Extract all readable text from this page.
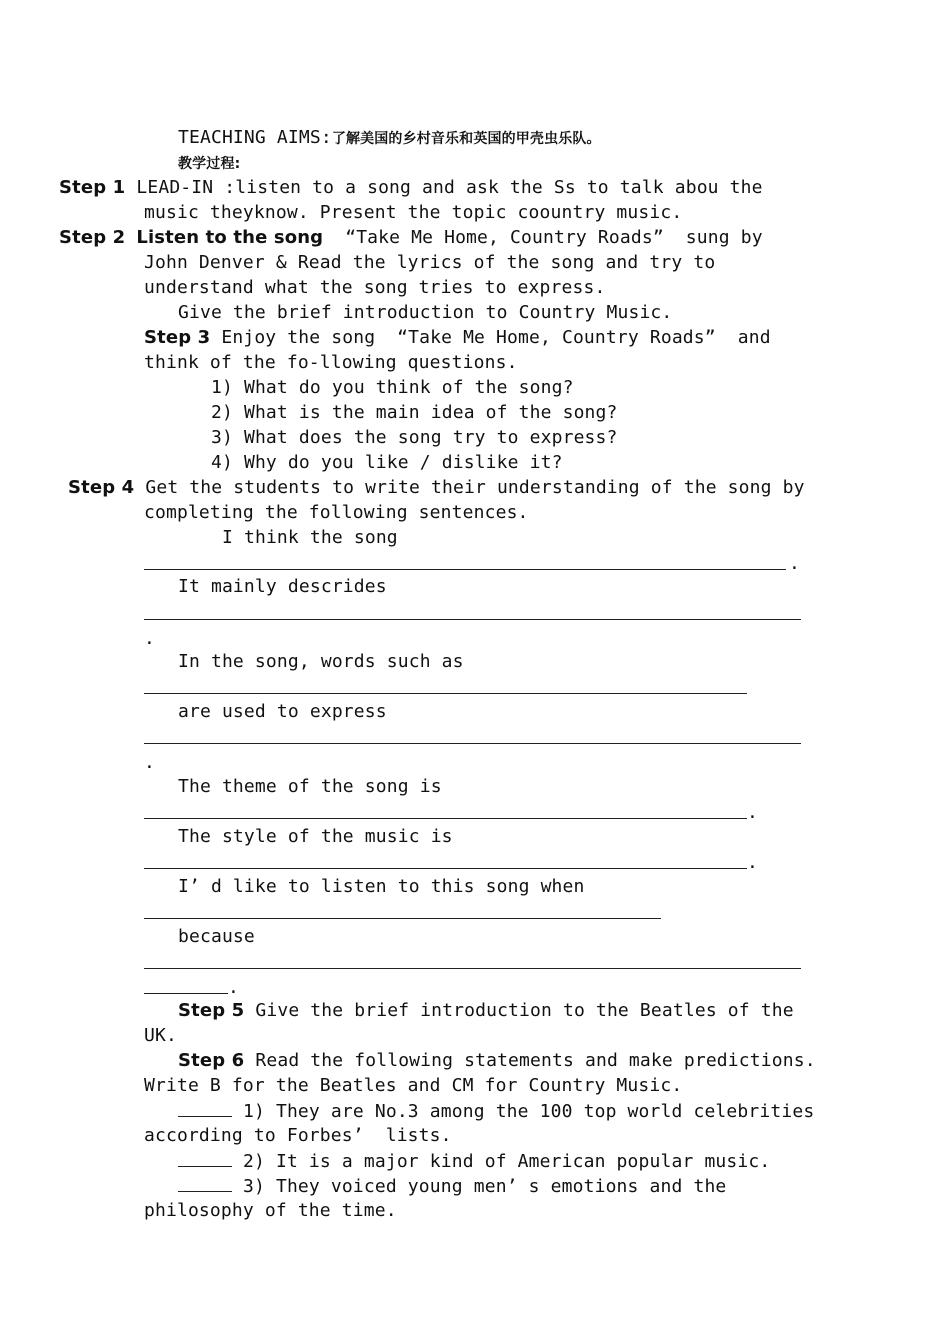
TEACHING AIMS:了解美国的乡村音乐和英国的甲壳虫乐队。
教学过程:
Step 1 LEAD-IN :listen to a song and ask the Ss to talk abou the
music theyknow. Present the topic coountry music.
Step 2 Listen to the song “Take Me Home, Country Roads”  sung by
John Denver & Read the lyrics of the song and try to
understand what the song tries to express.
Give the brief introduction to Country Music.
Step 3 Enjoy the song  “Take Me Home, Country Roads”  and
think of the fo-llowing questions.
1) What do you think of the song?
2) What is the main idea of the song?
3) What does the song try to express?
4) Why do you like / dislike it?
Step 4 Get the students to write their understanding of the song by
completing the following sentences.
I think the song
.
It mainly descrides
.
In the song, words such as
are used to express
.
The theme of the song is
.
The style of the music is
.
I’ d like to listen to this song when
because
.
Step 5 Give the brief introduction to the Beatles of the
UK.
Step 6 Read the following statements and make predictions.
Write B for the Beatles and CM for Country Music.
1) They are No.3 among the 100 top world celebrities
according to Forbes’  lists.
2) It is a major kind of American popular music.
3) They voiced young men’ s emotions and the
philosophy of the time.
